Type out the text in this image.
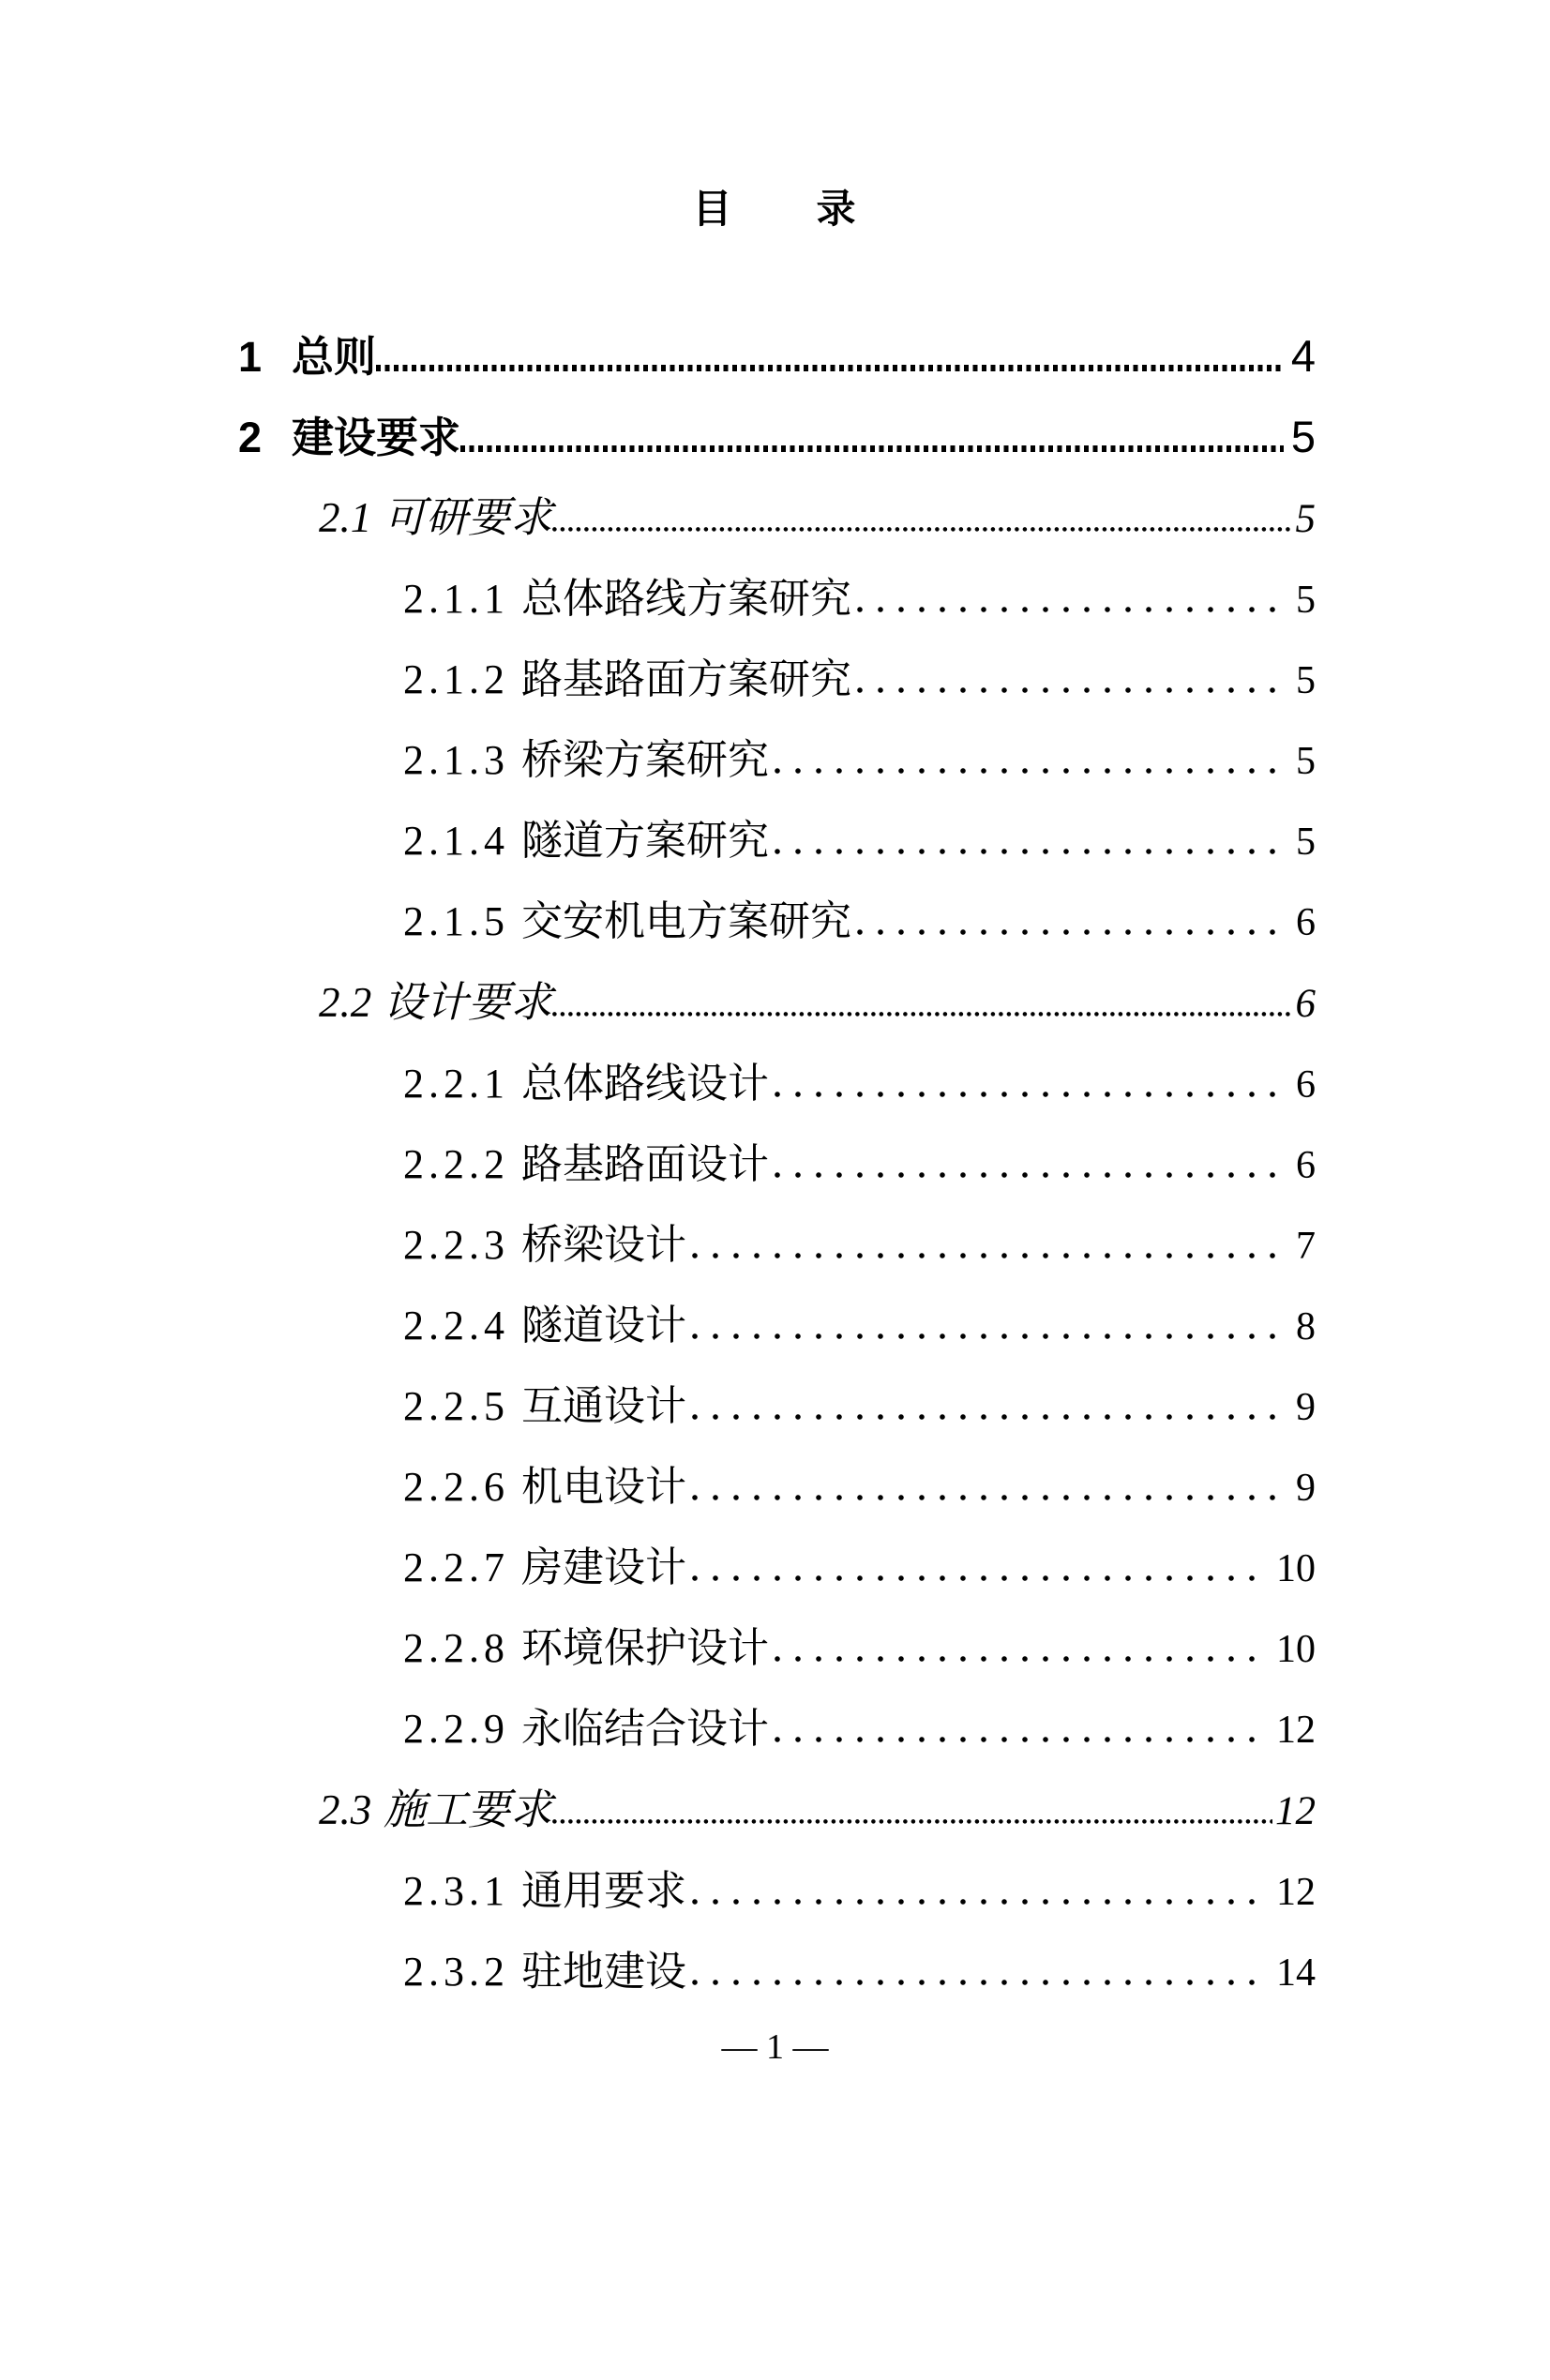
目　　录
1 总则	4
2 建设要求	5
2.1 可研要求	5
2.1.1 总体路线方案研究	5
2.1.2 路基路面方案研究	5
2.1.3 桥梁方案研究	5
2.1.4 隧道方案研究	5
2.1.5 交安机电方案研究	6
2.2 设计要求	6
2.2.1 总体路线设计	6
2.2.2 路基路面设计	6
2.2.3 桥梁设计	7
2.2.4 隧道设计	8
2.2.5 互通设计	9
2.2.6 机电设计	9
2.2.7 房建设计	10
2.2.8 环境保护设计	10
2.2.9 永临结合设计	12
2.3 施工要求	12
2.3.1 通用要求	12
2.3.2 驻地建设	14
— 1 —
